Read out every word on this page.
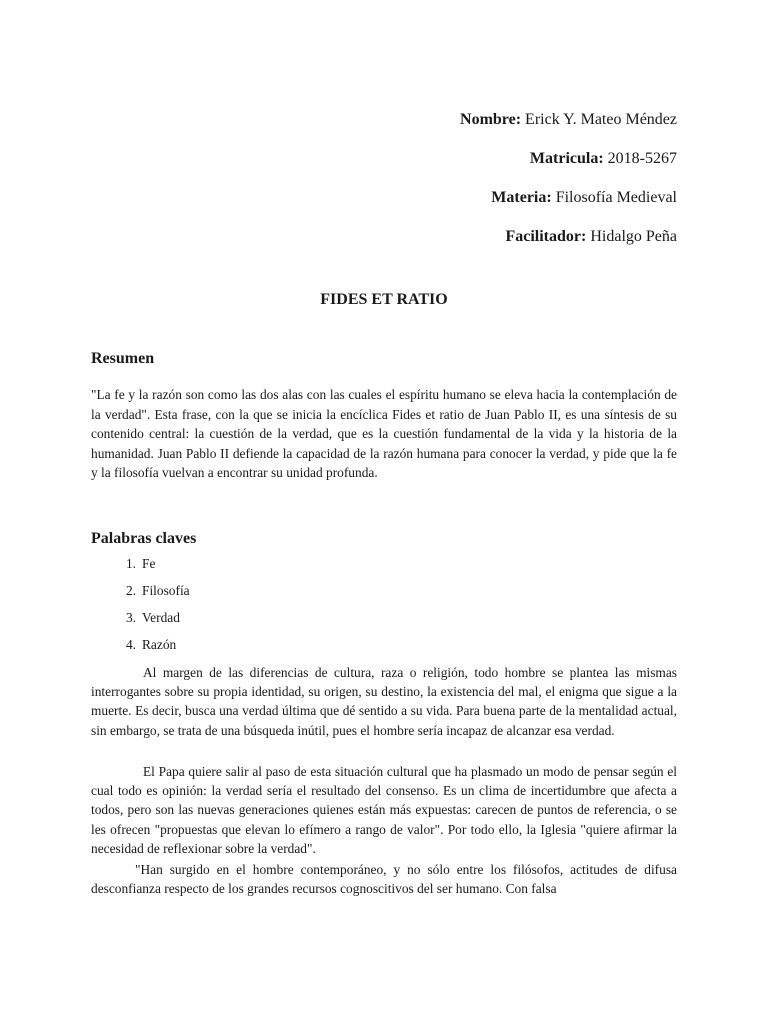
Nombre: Erick Y. Mateo Méndez

Matricula: 2018-5267

Materia: Filosofía Medieval

Facilitador: Hidalgo Peña

FIDES ET RATIO
Resumen

"La fe y la razón son como las dos alas con las cuales el espíritu humano se eleva hacia la contemplación de la verdad". Esta frase, con la que se inicia la encíclica Fides et ratio de Juan Pablo II, es una síntesis de su contenido central: la cuestión de la verdad, que es la cuestión fundamental de la vida y la historia de la humanidad. Juan Pablo II defiende la capacidad de la razón humana para conocer la verdad, y pide que la fe y la filosofía vuelvan a encontrar su unidad profunda.

Palabras claves
1. Fe
2. Filosofía
3. Verdad
4. Razón

Al margen de las diferencias de cultura, raza o religión, todo hombre se plantea las mismas interrogantes sobre su propia identidad, su origen, su destino, la existencia del mal, el enigma que sigue a la muerte. Es decir, busca una verdad última que dé sentido a su vida. Para buena parte de la mentalidad actual, sin embargo, se trata de una búsqueda inútil, pues el hombre sería incapaz de alcanzar esa verdad.

El Papa quiere salir al paso de esta situación cultural que ha plasmado un modo de pensar según el cual todo es opinión: la verdad sería el resultado del consenso. Es un clima de incertidumbre que afecta a todos, pero son las nuevas generaciones quienes están más expuestas: carecen de puntos de referencia, o se les ofrecen "propuestas que elevan lo efímero a rango de valor". Por todo ello, la Iglesia "quiere afirmar la necesidad de reflexionar sobre la verdad".

"Han surgido en el hombre contemporáneo, y no sólo entre los filósofos, actitudes de difusa desconfianza respecto de los grandes recursos cognoscitivos del ser humano. Con falsa
